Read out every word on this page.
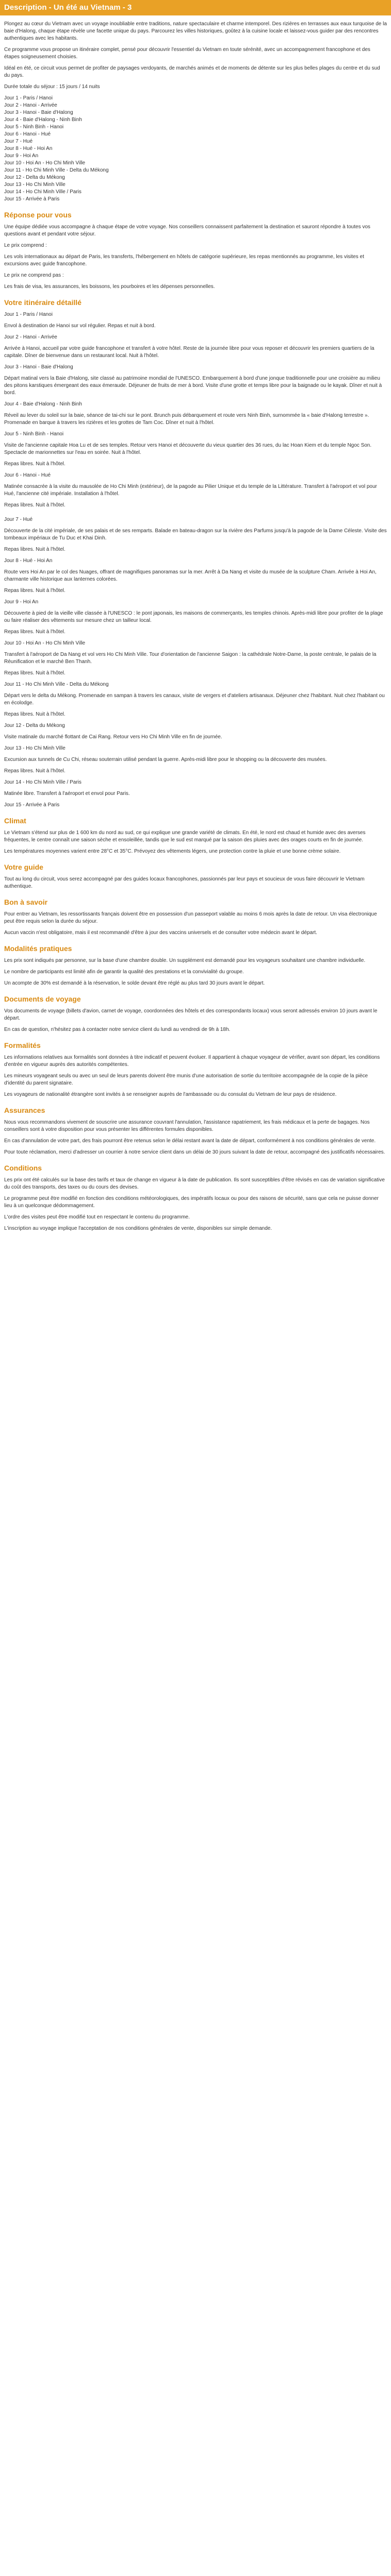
Description - Un été au Vietnam - 3

Plongez au cœur du Vietnam avec un voyage inoubliable entre traditions, nature spectaculaire et charme intemporel. Des rizières en terrasses aux eaux turquoise de la baie d'Halong, chaque étape révèle une facette unique du pays. Parcourez les villes historiques, goûtez à la cuisine locale et laissez-vous guider par des rencontres authentiques avec les habitants.

Ce programme vous propose un itinéraire complet, pensé pour découvrir l'essentiel du Vietnam en toute sérénité, avec un accompagnement francophone et des étapes soigneusement choisies.

Idéal en été, ce circuit vous permet de profiter de paysages verdoyants, de marchés animés et de moments de détente sur les plus belles plages du centre et du sud du pays.

Durée totale du séjour : 15 jours / 14 nuits

Jour 1 - Paris / Hanoi
Jour 2 - Hanoi - Arrivée
Jour 3 - Hanoi - Baie d'Halong
Jour 4 - Baie d'Halong - Ninh Binh
Jour 5 - Ninh Binh - Hanoi
Jour 6 - Hanoi - Hué
Jour 7 - Hué
Jour 8 - Hué - Hoi An
Jour 9 - Hoi An
Jour 10 - Hoi An - Ho Chi Minh Ville
Jour 11 - Ho Chi Minh Ville - Delta du Mékong
Jour 12 - Delta du Mékong
Jour 13 - Ho Chi Minh Ville
Jour 14 - Ho Chi Minh Ville / Paris
Jour 15 - Arrivée à Paris
Réponse pour vous

Une équipe dédiée vous accompagne à chaque étape de votre voyage. Nos conseillers connaissent parfaitement la destination et sauront répondre à toutes vos questions avant et pendant votre séjour.

Le prix comprend :

Les vols internationaux au départ de Paris, les transferts, l'hébergement en hôtels de catégorie supérieure, les repas mentionnés au programme, les visites et excursions avec guide francophone.

Le prix ne comprend pas :

Les frais de visa, les assurances, les boissons, les pourboires et les dépenses personnelles.

Votre itinéraire détaillé

Jour 1 - Paris / Hanoi

Envol à destination de Hanoi sur vol régulier. Repas et nuit à bord.

Jour 2 - Hanoi - Arrivée

Arrivée à Hanoi, accueil par votre guide francophone et transfert à votre hôtel. Reste de la journée libre pour vous reposer et découvrir les premiers quartiers de la capitale. Dîner de bienvenue dans un restaurant local. Nuit à l'hôtel.

Jour 3 - Hanoi - Baie d'Halong

Départ matinal vers la Baie d'Halong, site classé au patrimoine mondial de l'UNESCO. Embarquement à bord d'une jonque traditionnelle pour une croisière au milieu des pitons karstiques émergeant des eaux émeraude. Déjeuner de fruits de mer à bord. Visite d'une grotte et temps libre pour la baignade ou le kayak. Dîner et nuit à bord.

Jour 4 - Baie d'Halong - Ninh Binh

Réveil au lever du soleil sur la baie, séance de tai-chi sur le pont. Brunch puis débarquement et route vers Ninh Binh, surnommée la « baie d'Halong terrestre ». Promenade en barque à travers les rizières et les grottes de Tam Coc. Dîner et nuit à l'hôtel.

Jour 5 - Ninh Binh - Hanoi

Visite de l'ancienne capitale Hoa Lu et de ses temples. Retour vers Hanoi et découverte du vieux quartier des 36 rues, du lac Hoan Kiem et du temple Ngoc Son. Spectacle de marionnettes sur l'eau en soirée. Nuit à l'hôtel.

Repas libres. Nuit à l'hôtel.

Jour 6 - Hanoi - Hué

Matinée consacrée à la visite du mausolée de Ho Chi Minh (extérieur), de la pagode au Pilier Unique et du temple de la Littérature. Transfert à l'aéroport et vol pour Hué, l'ancienne cité impériale. Installation à l'hôtel.

Repas libres. Nuit à l'hôtel.

Jour 7 - Hué

Découverte de la cité impériale, de ses palais et de ses remparts. Balade en bateau-dragon sur la rivière des Parfums jusqu'à la pagode de la Dame Céleste. Visite des tombeaux impériaux de Tu Duc et Khai Dinh.

Repas libres. Nuit à l'hôtel.

Jour 8 - Hué - Hoi An

Route vers Hoi An par le col des Nuages, offrant de magnifiques panoramas sur la mer. Arrêt à Da Nang et visite du musée de la sculpture Cham. Arrivée à Hoi An, charmante ville historique aux lanternes colorées.

Repas libres. Nuit à l'hôtel.

Jour 9 - Hoi An

Découverte à pied de la vieille ville classée à l'UNESCO : le pont japonais, les maisons de commerçants, les temples chinois. Après-midi libre pour profiter de la plage ou faire réaliser des vêtements sur mesure chez un tailleur local.

Repas libres. Nuit à l'hôtel.

Jour 10 - Hoi An - Ho Chi Minh Ville

Transfert à l'aéroport de Da Nang et vol vers Ho Chi Minh Ville. Tour d'orientation de l'ancienne Saigon : la cathédrale Notre-Dame, la poste centrale, le palais de la Réunification et le marché Ben Thanh.

Repas libres. Nuit à l'hôtel.

Jour 11 - Ho Chi Minh Ville - Delta du Mékong

Départ vers le delta du Mékong. Promenade en sampan à travers les canaux, visite de vergers et d'ateliers artisanaux. Déjeuner chez l'habitant. Nuit chez l'habitant ou en écolodge.

Repas libres. Nuit à l'hôtel.

Jour 12 - Delta du Mékong

Visite matinale du marché flottant de Cai Rang. Retour vers Ho Chi Minh Ville en fin de journée.

Jour 13 - Ho Chi Minh Ville

Excursion aux tunnels de Cu Chi, réseau souterrain utilisé pendant la guerre. Après-midi libre pour le shopping ou la découverte des musées.

Repas libres. Nuit à l'hôtel.

Jour 14 - Ho Chi Minh Ville / Paris

Matinée libre. Transfert à l'aéroport et envol pour Paris.

Jour 15 - Arrivée à Paris

Climat

Le Vietnam s'étend sur plus de 1 600 km du nord au sud, ce qui explique une grande variété de climats. En été, le nord est chaud et humide avec des averses fréquentes, le centre connaît une saison sèche et ensoleillée, tandis que le sud est marqué par la saison des pluies avec des orages courts en fin de journée.

Les températures moyennes varient entre 28°C et 35°C. Prévoyez des vêtements légers, une protection contre la pluie et une bonne crème solaire.

Votre guide

Tout au long du circuit, vous serez accompagné par des guides locaux francophones, passionnés par leur pays et soucieux de vous faire découvrir le Vietnam authentique.

Bon à savoir

Pour entrer au Vietnam, les ressortissants français doivent être en possession d'un passeport valable au moins 6 mois après la date de retour. Un visa électronique peut être requis selon la durée du séjour.

Aucun vaccin n'est obligatoire, mais il est recommandé d'être à jour des vaccins universels et de consulter votre médecin avant le départ.

Modalités pratiques

Les prix sont indiqués par personne, sur la base d'une chambre double. Un supplément est demandé pour les voyageurs souhaitant une chambre individuelle.

Le nombre de participants est limité afin de garantir la qualité des prestations et la convivialité du groupe.

Un acompte de 30% est demandé à la réservation, le solde devant être réglé au plus tard 30 jours avant le départ.

Documents de voyage

Vos documents de voyage (billets d'avion, carnet de voyage, coordonnées des hôtels et des correspondants locaux) vous seront adressés environ 10 jours avant le départ.

En cas de question, n'hésitez pas à contacter notre service client du lundi au vendredi de 9h à 18h.

Formalités

Les informations relatives aux formalités sont données à titre indicatif et peuvent évoluer. Il appartient à chaque voyageur de vérifier, avant son départ, les conditions d'entrée en vigueur auprès des autorités compétentes.

Les mineurs voyageant seuls ou avec un seul de leurs parents doivent être munis d'une autorisation de sortie du territoire accompagnée de la copie de la pièce d'identité du parent signataire.

Les voyageurs de nationalité étrangère sont invités à se renseigner auprès de l'ambassade ou du consulat du Vietnam de leur pays de résidence.

Assurances

Nous vous recommandons vivement de souscrire une assurance couvrant l'annulation, l'assistance rapatriement, les frais médicaux et la perte de bagages. Nos conseillers sont à votre disposition pour vous présenter les différentes formules disponibles.

En cas d'annulation de votre part, des frais pourront être retenus selon le délai restant avant la date de départ, conformément à nos conditions générales de vente.

Pour toute réclamation, merci d'adresser un courrier à notre service client dans un délai de 30 jours suivant la date de retour, accompagné des justificatifs nécessaires.

Conditions

Les prix ont été calculés sur la base des tarifs et taux de change en vigueur à la date de publication. Ils sont susceptibles d'être révisés en cas de variation significative du coût des transports, des taxes ou du cours des devises.

Le programme peut être modifié en fonction des conditions météorologiques, des impératifs locaux ou pour des raisons de sécurité, sans que cela ne puisse donner lieu à un quelconque dédommagement.

L'ordre des visites peut être modifié tout en respectant le contenu du programme.

L'inscription au voyage implique l'acceptation de nos conditions générales de vente, disponibles sur simple demande.
